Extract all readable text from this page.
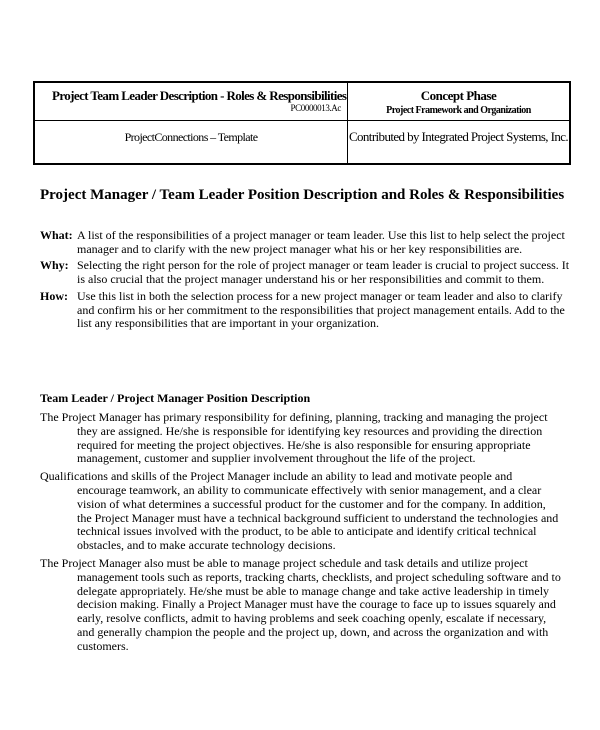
Project Team Leader Description - Roles & Responsibilities
PC0000013.Ac
Concept Phase
Project Framework and Organization
ProjectConnections – Template	Contributed by Integrated Project Systems, Inc.
Project Manager / Team Leader Position Description and Roles & Responsibilities
What: A list of the responsibilities of a project manager or team leader. Use this list to help select the project manager and to clarify with the new project manager what his or her key responsibilities are.
Why: Selecting the right person for the role of project manager or team leader is crucial to project success. It is also crucial that the project manager understand his or her responsibilities and commit to them.
How: Use this list in both the selection process for a new project manager or team leader and also to clarify and confirm his or her commitment to the responsibilities that project management entails. Add to the list any responsibilities that are important in your organization.
Team Leader / Project Manager Position Description
The Project Manager has primary responsibility for defining, planning, tracking and managing the project they are assigned. He/she is responsible for identifying key resources and providing the direction required for meeting the project objectives. He/she is also responsible for ensuring appropriate management, customer and supplier involvement throughout the life of the project.
Qualifications and skills of the Project Manager include an ability to lead and motivate people and encourage teamwork, an ability to communicate effectively with senior management, and a clear vision of what determines a successful product for the customer and for the company. In addition, the Project Manager must have a technical background sufficient to understand the technologies and technical issues involved with the product, to be able to anticipate and identify critical technical obstacles, and to make accurate technology decisions.
The Project Manager also must be able to manage project schedule and task details and utilize project management tools such as reports, tracking charts, checklists, and project scheduling software and to delegate appropriately. He/she must be able to manage change and take active leadership in timely decision making. Finally a Project Manager must have the courage to face up to issues squarely and early, resolve conflicts, admit to having problems and seek coaching openly, escalate if necessary, and generally champion the people and the project up, down, and across the organization and with customers.
